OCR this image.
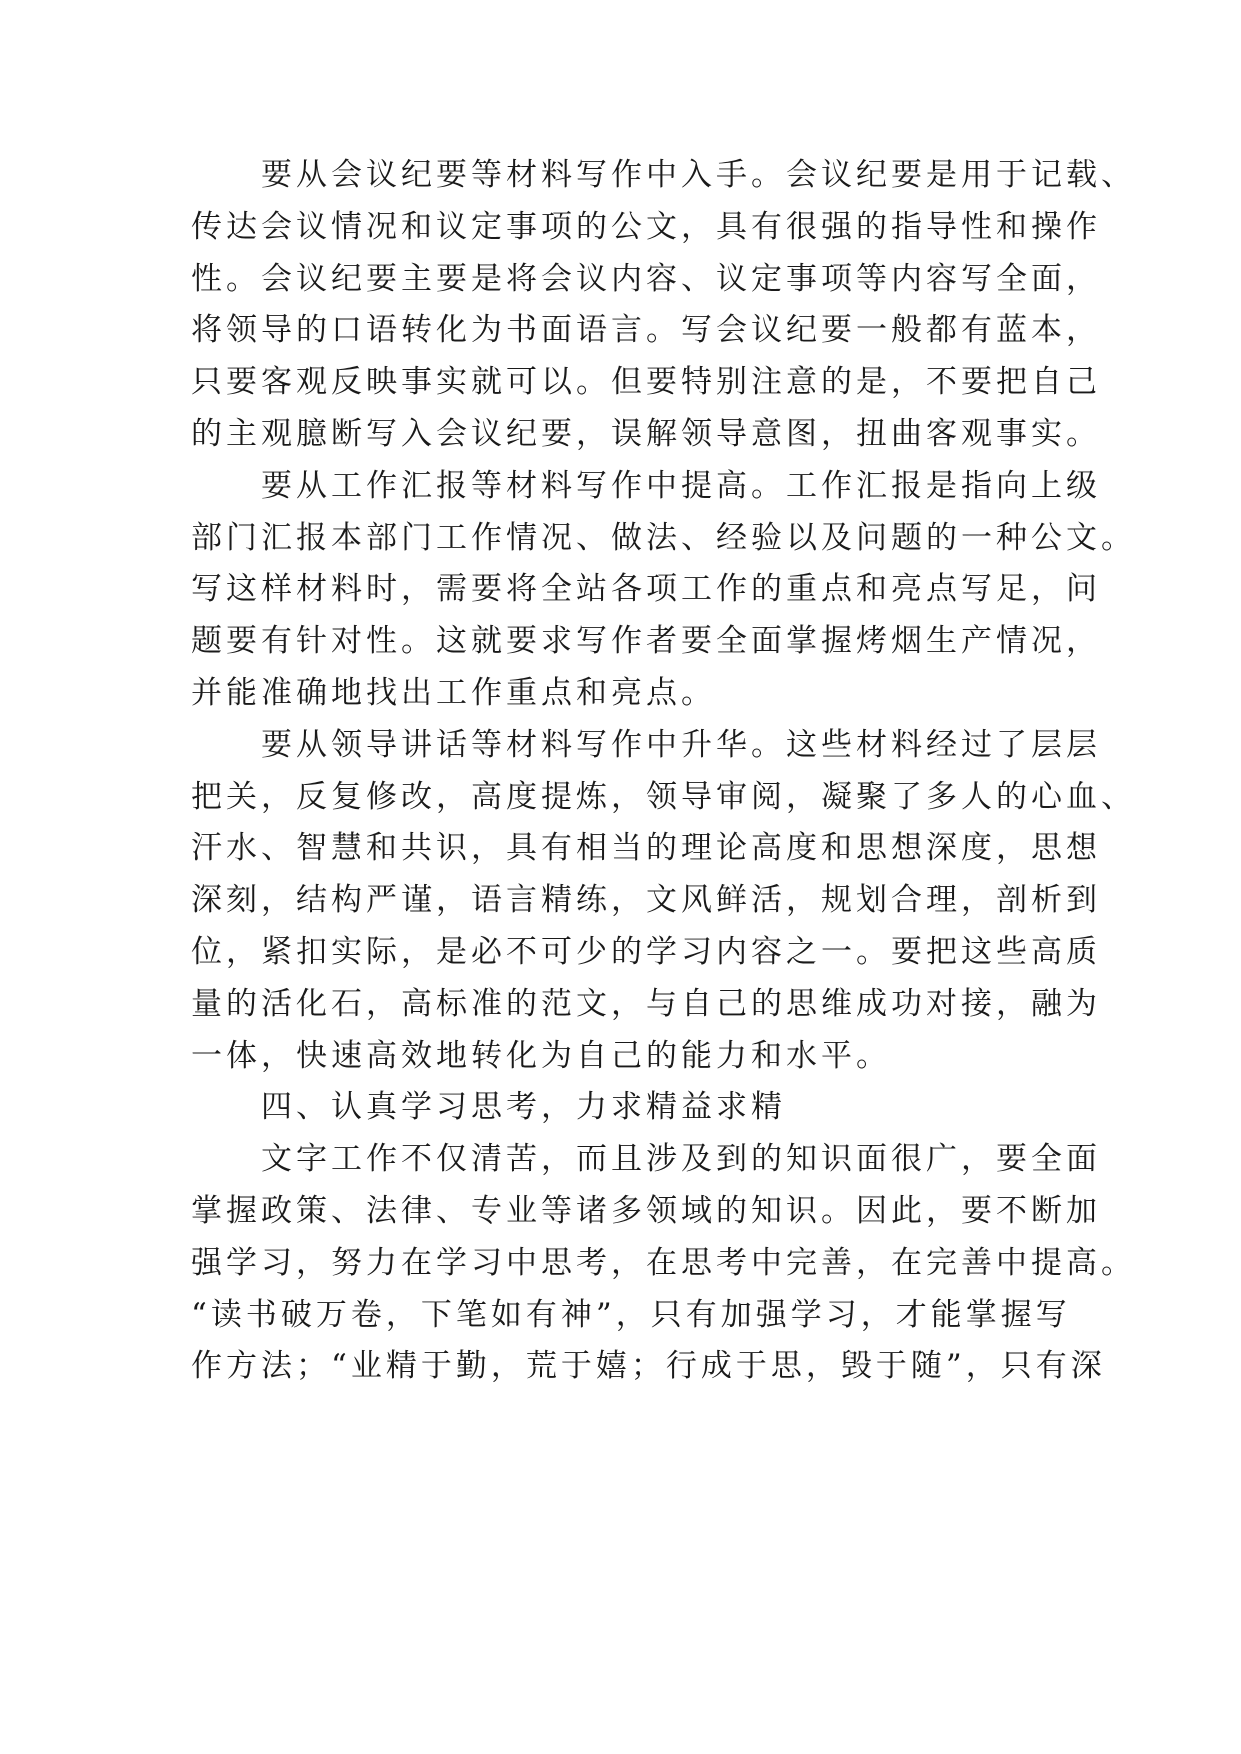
要从会议纪要等材料写作中入手。会议纪要是用于记载、
传达会议情况和议定事项的公文，具有很强的指导性和操作
性。会议纪要主要是将会议内容、议定事项等内容写全面，
将领导的口语转化为书面语言。写会议纪要一般都有蓝本，
只要客观反映事实就可以。但要特别注意的是，不要把自己
的主观臆断写入会议纪要，误解领导意图，扭曲客观事实。
要从工作汇报等材料写作中提高。工作汇报是指向上级
部门汇报本部门工作情况、做法、经验以及问题的一种公文。
写这样材料时，需要将全站各项工作的重点和亮点写足，问
题要有针对性。这就要求写作者要全面掌握烤烟生产情况，
并能准确地找出工作重点和亮点。
要从领导讲话等材料写作中升华。这些材料经过了层层
把关，反复修改，高度提炼，领导审阅，凝聚了多人的心血、
汗水、智慧和共识，具有相当的理论高度和思想深度，思想
深刻，结构严谨，语言精练，文风鲜活，规划合理，剖析到
位，紧扣实际，是必不可少的学习内容之一。要把这些高质
量的活化石，高标准的范文，与自己的思维成功对接，融为
一体，快速高效地转化为自己的能力和水平。
四、认真学习思考，力求精益求精
文字工作不仅清苦，而且涉及到的知识面很广，要全面
掌握政策、法律、专业等诸多领域的知识。因此，要不断加
强学习，努力在学习中思考，在思考中完善，在完善中提高。
“读书破万卷，下笔如有神”，只有加强学习，才能掌握写
作方法；“业精于勤，荒于嬉；行成于思，毁于随”，只有深
